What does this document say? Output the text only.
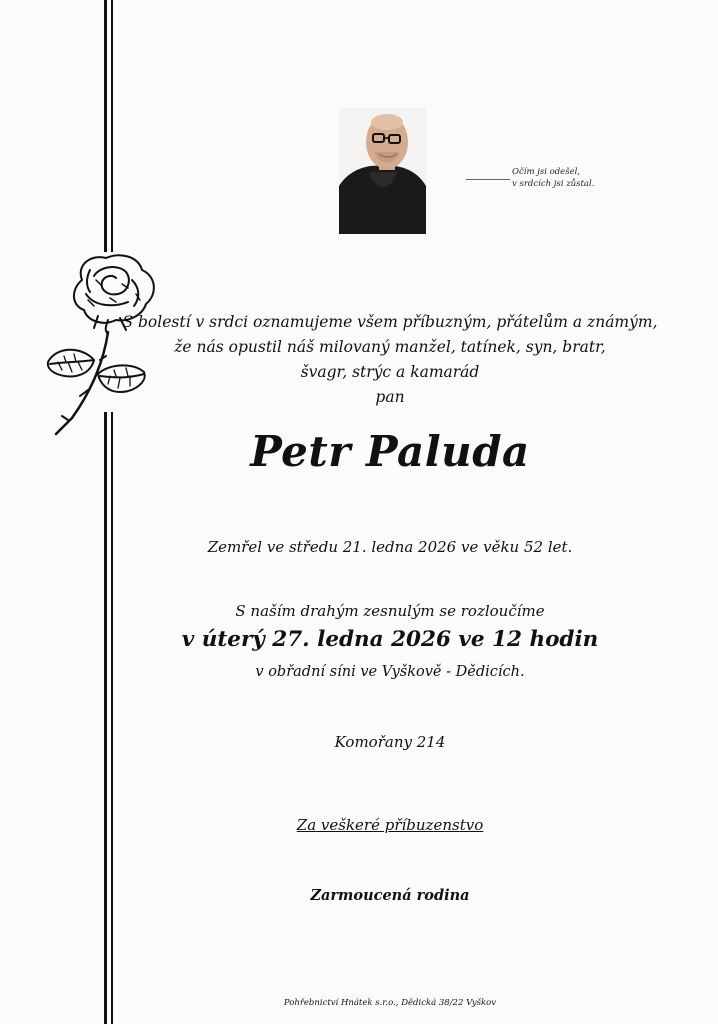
Očím jsi odešel,
v srdcích jsi zůstal.
S bolestí v srdci oznamujeme všem příbuzným, přátelům a známým,
že nás opustil náš milovaný manžel, tatínek, syn, bratr,
švagr, strýc a kamarád
pan
Petr Paluda
Zemřel ve středu 21. ledna 2026 ve věku 52 let.
S naším drahým zesnulým se rozloučíme
v úterý 27. ledna 2026 ve 12 hodin
v obřadní síni ve Vyškově - Dědicích.
Komořany 214
Za veškeré příbuzenstvo
Zarmoucená rodina
Pohřebnictví Hnátek s.r.o., Dědická 38/22 Vyškov
